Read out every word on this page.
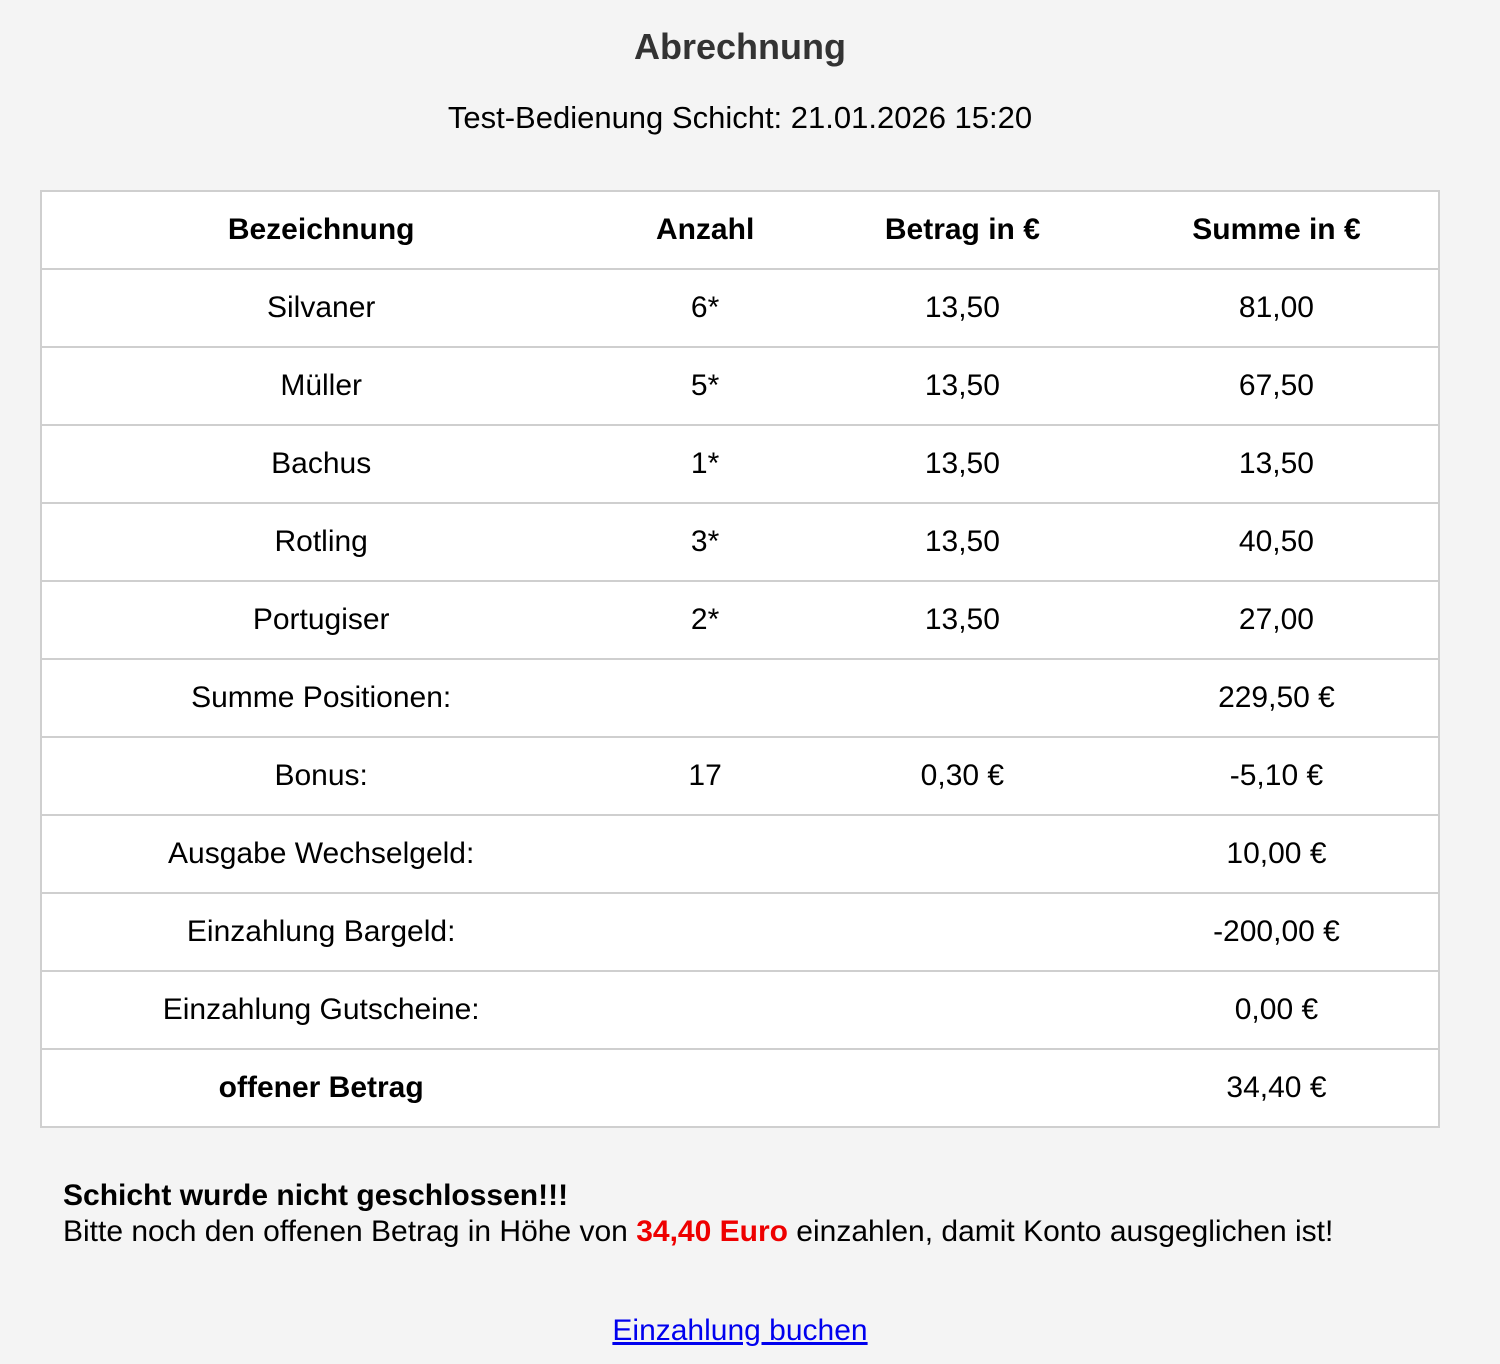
Abrechnung
Test-Bedienung Schicht: 21.01.2026 15:20
Bezeichnung	Anzahl	Betrag in €	Summe in €
Silvaner	6*	13,50	81,00
Müller	5*	13,50	67,50
Bachus	1*	13,50	13,50
Rotling	3*	13,50	40,50
Portugiser	2*	13,50	27,00
Summe Positionen:			229,50 €
Bonus:	17	0,30 €	-5,10 €
Ausgabe Wechselgeld:			10,00 €
Einzahlung Bargeld:			-200,00 €
Einzahlung Gutscheine:			0,00 €
offener Betrag			34,40 €
Schicht wurde nicht geschlossen!!!
Bitte noch den offenen Betrag in Höhe von 34,40 Euro einzahlen, damit Konto ausgeglichen ist!
Einzahlung buchen
